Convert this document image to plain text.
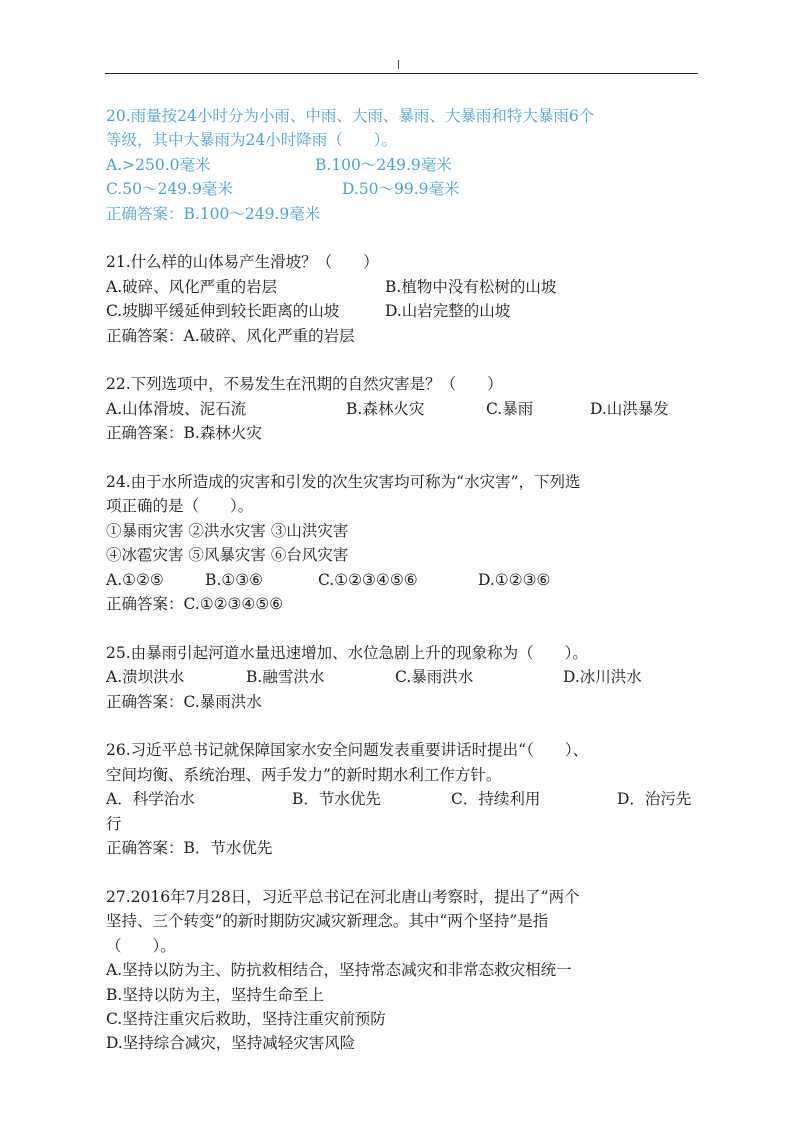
20.雨量按24小时分为小雨、中雨、大雨、暴雨、大暴雨和特大暴雨6个
等级，其中大暴雨为24小时降雨（　　）。
A.>250.0毫米	B.100～249.9毫米
C.50～249.9毫米	D.50～99.9毫米
正确答案：B.100～249.9毫米
21.什么样的山体易产生滑坡？（　　）
A.破碎、风化严重的岩层	B.植物中没有松树的山坡
C.坡脚平缓延伸到较长距离的山坡	D.山岩完整的山坡
正确答案：A.破碎、风化严重的岩层
22.下列选项中，不易发生在汛期的自然灾害是？（　　）
A.山体滑坡、泥石流	B.森林火灾	C.暴雨	D.山洪暴发
正确答案：B.森林火灾
24.由于水所造成的灾害和引发的次生灾害均可称为“水灾害”，下列选
项正确的是（　　）。
①暴雨灾害 ②洪水灾害 ③山洪灾害
④冰雹灾害 ⑤风暴灾害 ⑥台风灾害
A.①②⑤	B.①③⑥	C.①②③④⑤⑥	D.①②③⑥
正确答案：C.①②③④⑤⑥
25.由暴雨引起河道水量迅速增加、水位急剧上升的现象称为（　　）。
A.溃坝洪水	B.融雪洪水	C.暴雨洪水	D.冰川洪水
正确答案：C.暴雨洪水
26.习近平总书记就保障国家水安全问题发表重要讲话时提出“（　　）、
空间均衡、系统治理、两手发力”的新时期水利工作方针。
A．科学治水	B．节水优先	C．持续利用	D．治污先
行
正确答案：B．节水优先
27.2016年7月28日，习近平总书记在河北唐山考察时，提出了“两个
坚持、三个转变”的新时期防灾减灾新理念。其中“两个坚持”是指
（　　）。
A.坚持以防为主、防抗救相结合，坚持常态减灾和非常态救灾相统一
B.坚持以防为主，坚持生命至上
C.坚持注重灾后救助，坚持注重灾前预防
D.坚持综合减灾，坚持减轻灾害风险
